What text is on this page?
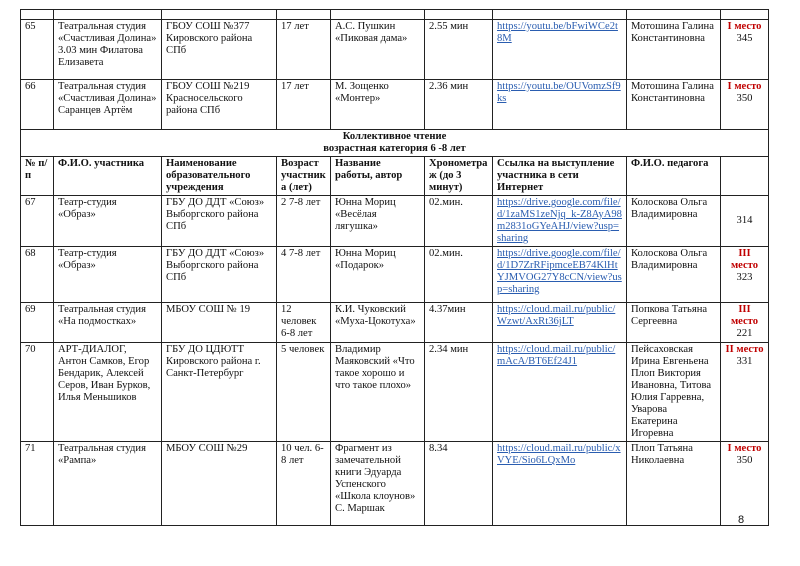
65	Театральная студия «Счастливая Долина» 3.03 мин Филатова Елизавета	ГБОУ СОШ №377 Кировского района СПб	17 лет	А.С. Пушкин «Пиковая дама»	2.55 мин	https://youtu.be/bFwiWCe2t8M	Мотошина Галина Константиновна	I место
345

66	Театральная студия «Счастливая Долина» Саранцев Артём	ГБОУ СОШ №219 Красносельского района СПб	17 лет	М. Зощенко «Монтер»	2.36 мин	https://youtu.be/OUVomzSf9ks	Мотошина Галина Константиновна	I место
350

Коллективное чтение
возрастная категория 6 -8 лет								

№ п/п	Ф.И.О. участника	Наименование образовательного учреждения	Возраст участника (лет)	Название работы, автор	Хронометраж (до 3 минут)	Ссылка на выступление участника в сети Интернет	Ф.И.О. педагога	
67	Театр-студия «Образ»	ГБУ ДО ДДТ «Союз» Выборгского района СПб	2 7-8 лет	Юнна Мориц «Весёлая лягушка»	02.мин.	https://drive.google.com/file/d/1zaMS1zeNjq_k-Z8AyA98m2831oGYeAHJ/view?usp=sharing	Колоскова Ольга Владимировна	314

68	Театр-студия «Образ»	ГБУ ДО ДДТ «Союз» Выборгского района СПб	4 7-8 лет	Юнна Мориц «Подарок»	02.мин.	https://drive.google.com/file/d/1D7ZrRFipmceEB74KlHtYJMVOG27Y8cCN/view?usp=sharing	Колоскова Ольга Владимировна	III место
323

69	Театральная студия «На подмостках»	МБОУ СОШ № 19	12 человек 6-8 лет	К.И. Чуковский «Муха-Цокотуха»	4.37мин	https://cloud.mail.ru/public/Wzwt/AxRt36jLT	Попкова Татьяна Сергеевна	III место
221

70	АРТ-ДИАЛОГ, Антон Самков, Егор Бендарик, Алексей Серов, Иван Бурков, Илья Меньшиков	ГБУ ДО ЦДЮТТ Кировского района г. Санкт-Петербург	5 человек	Владимир Маяковский «Что такое хорошо и что такое плохо»	2.34 мин	https://cloud.mail.ru/public/mAcA/BT6Ef24J1	Пейсаховская Ирина Евгеньена Плоп Виктория Ивановна, Титова Юлия Гарревна, Уварова Екатерина Игоревна	II место
331

71	Театральная студия «Рампа»	МБОУ СОШ №29	10 чел. 6-8 лет	Фрагмент из замечательной книги Эдуарда Успенского «Школа клоунов» С. Маршак	8.34	https://cloud.mail.ru/public/xVYE/Sio6LQxMo	Плоп Татьяна Николаевна	I место
350
8
